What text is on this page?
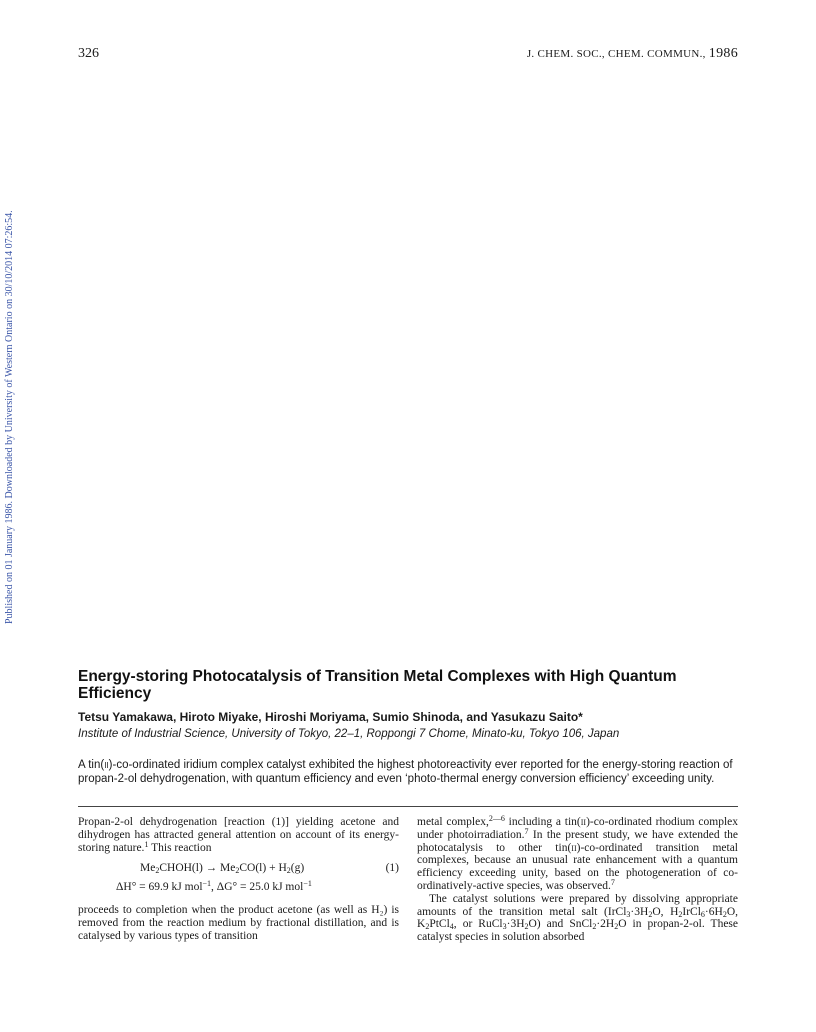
326	J. CHEM. SOC., CHEM. COMMUN., 1986
Published on 01 January 1986. Downloaded by University of Western Ontario on 30/10/2014 07:26:54.
Energy-storing Photocatalysis of Transition Metal Complexes with High Quantum Efficiency
Tetsu Yamakawa, Hiroto Miyake, Hiroshi Moriyama, Sumio Shinoda, and Yasukazu Saito*
Institute of Industrial Science, University of Tokyo, 22–1, Roppongi 7 Chome, Minato-ku, Tokyo 106, Japan

A tin(ii)-co-ordinated iridium complex catalyst exhibited the highest photoreactivity ever reported for the energy-storing reaction of propan-2-ol dehydrogenation, with quantum efficiency and even ‘photo-thermal energy conversion efficiency’ exceeding unity.

Propan-2-ol dehydrogenation [reaction (1)] yielding acetone and dihydrogen has attracted general attention on account of its energy-storing nature.$^1$ This reaction

$Me_2CHOH(l) \to Me_2CO(l) + H_2(g)$	(1)
ΔH° = 69.9 kJ mol$^{-1}$, ΔG° = 25.0 kJ mol$^{-1}$

proceeds to completion when the product acetone (as well as H₂) is removed from the reaction medium by fractional distillation, and is catalysed by various types of transition

metal complex,$^{2—6}$ including a tin(ii)-co-ordinated rhodium complex under photoirradiation.$^7$ In the present study, we have extended the photocatalysis to other tin(ii)-co-ordinated transition metal complexes, because an unusual rate enhancement with a quantum efficiency exceeding unity, based on the photogeneration of co-ordinatively-active species, was observed.$^7$

The catalyst solutions were prepared by dissolving appropriate amounts of the transition metal salt ($IrCl_3\cdot 3H_2O$, $H_2IrCl_6\cdot 6H_2O$, $K_2PtCl_4$, or $RuCl_3\cdot 3H_2O$) and $SnCl_2\cdot 2H_2O$ in propan-2-ol. These catalyst species in solution absorbed
